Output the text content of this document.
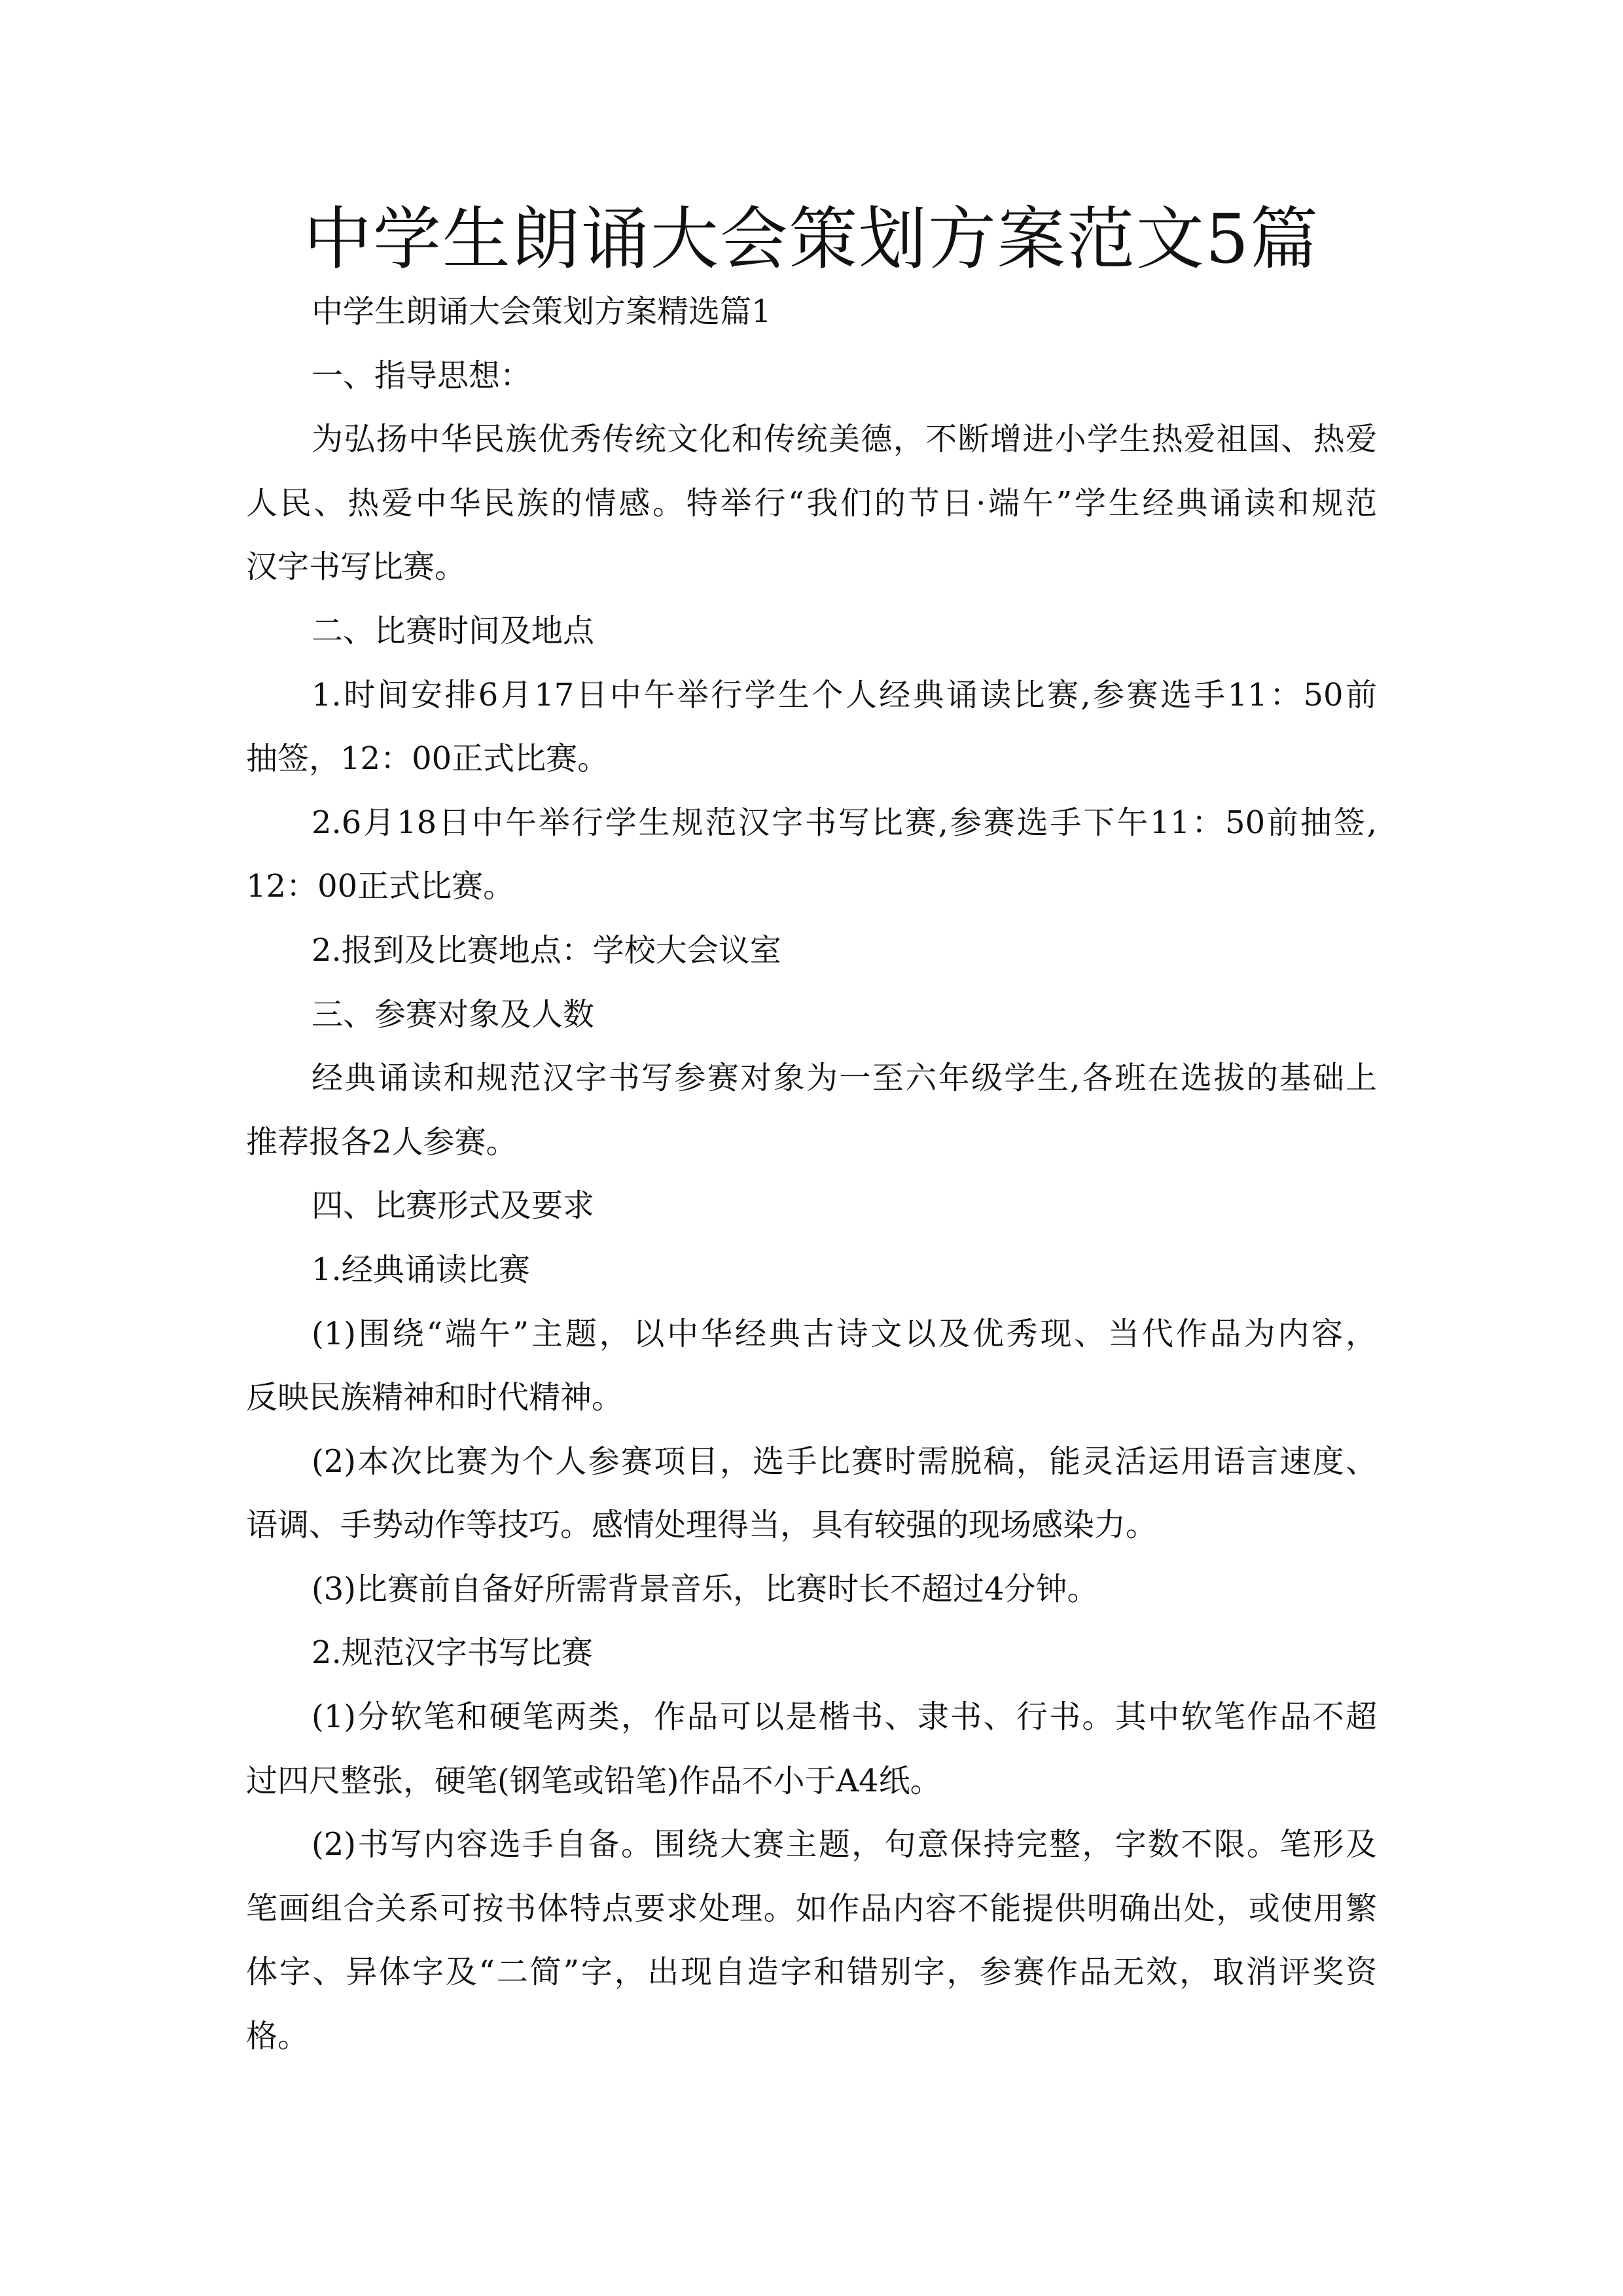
中学生朗诵大会策划方案范文5篇
中学生朗诵大会策划方案精选篇1
一、指导思想：
为弘扬中华民族优秀传统文化和传统美德，不断增进小学生热爱祖国、热爱
人民、热爱中华民族的情感。特举行“我们的节日·端午”学生经典诵读和规范
汉字书写比赛。
二、比赛时间及地点
1.时间安排6月17日中午举行学生个人经典诵读比赛,参赛选手11：50前
抽签，12：00正式比赛。
2.6月18日中午举行学生规范汉字书写比赛,参赛选手下午11：50前抽签,
12：00正式比赛。
2.报到及比赛地点：学校大会议室
三、参赛对象及人数
经典诵读和规范汉字书写参赛对象为一至六年级学生,各班在选拔的基础上
推荐报各2人参赛。
四、比赛形式及要求
1.经典诵读比赛
(1)围绕“端午”主题，以中华经典古诗文以及优秀现、当代作品为内容，
反映民族精神和时代精神。
(2)本次比赛为个人参赛项目，选手比赛时需脱稿，能灵活运用语言速度、
语调、手势动作等技巧。感情处理得当，具有较强的现场感染力。
(3)比赛前自备好所需背景音乐，比赛时长不超过4分钟。
2.规范汉字书写比赛
(1)分软笔和硬笔两类，作品可以是楷书、隶书、行书。其中软笔作品不超
过四尺整张，硬笔(钢笔或铅笔)作品不小于A4纸。
(2)书写内容选手自备。围绕大赛主题，句意保持完整，字数不限。笔形及
笔画组合关系可按书体特点要求处理。如作品内容不能提供明确出处，或使用繁
体字、异体字及“二简”字，出现自造字和错别字，参赛作品无效，取消评奖资
格。
